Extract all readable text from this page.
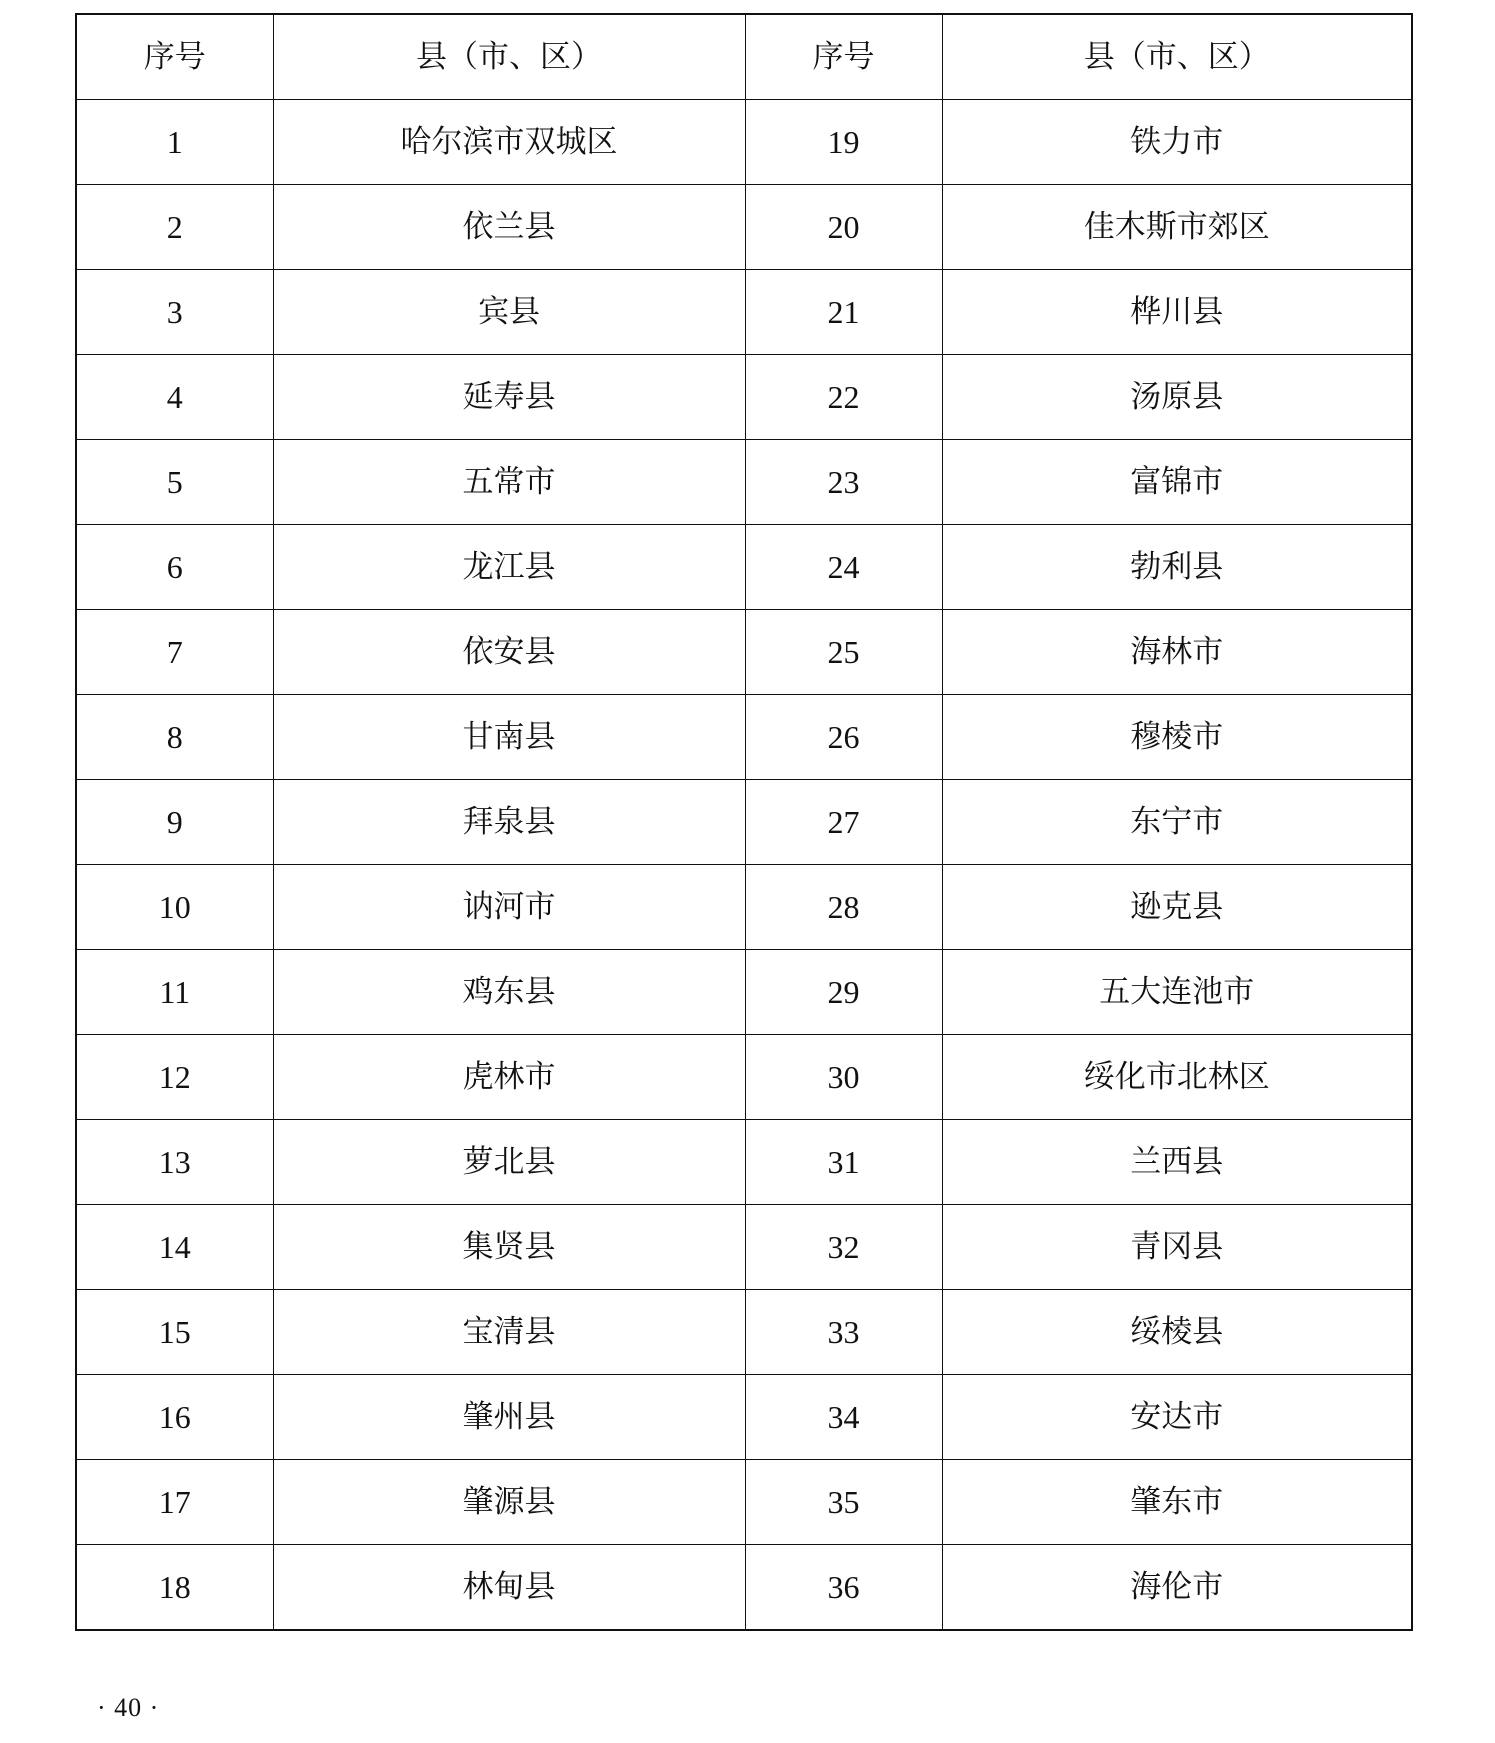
序号	县（市、区）	序号	县（市、区）
1	哈尔滨市双城区	19	铁力市
2	依兰县	20	佳木斯市郊区
3	宾县	21	桦川县
4	延寿县	22	汤原县
5	五常市	23	富锦市
6	龙江县	24	勃利县
7	依安县	25	海林市
8	甘南县	26	穆棱市
9	拜泉县	27	东宁市
10	讷河市	28	逊克县
11	鸡东县	29	五大连池市
12	虎林市	30	绥化市北林区
13	萝北县	31	兰西县
14	集贤县	32	青冈县
15	宝清县	33	绥棱县
16	肇州县	34	安达市
17	肇源县	35	肇东市
18	林甸县	36	海伦市
· 40 ·
